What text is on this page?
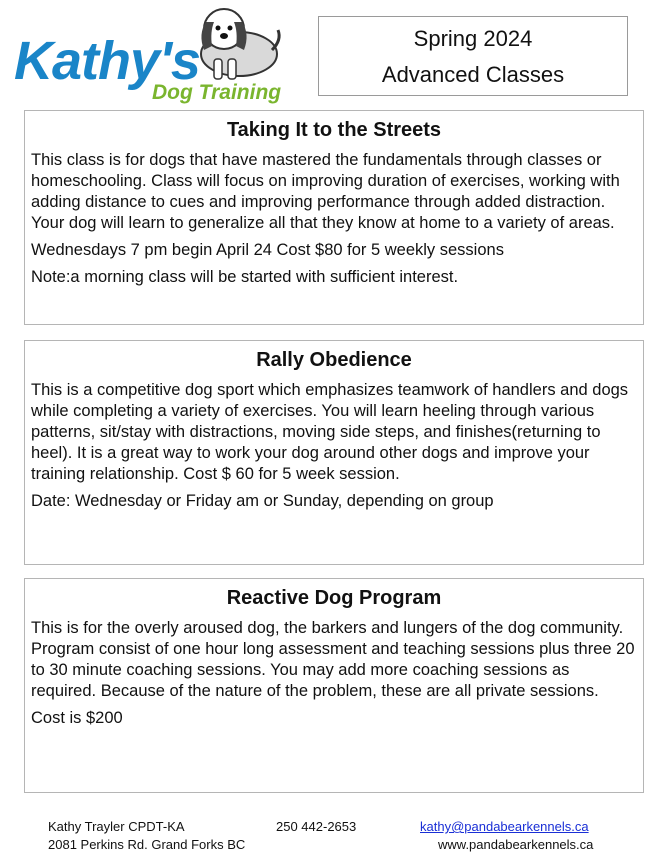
Kathy's
Dog Training
Spring 2024
Advanced Classes
Taking It to the Streets

This class is for dogs that have mastered the fundamentals through classes or homeschooling. Class will focus on improving duration of exercises, working with adding distance to cues and improving performance through added distraction. Your dog will learn to generalize all that they know at home to a variety of areas.

Wednesdays 7 pm begin April 24 Cost $80 for 5 weekly sessions

Note:a morning class will be started with sufficient interest.

Rally Obedience

This is a competitive dog sport which emphasizes teamwork of handlers and dogs while completing a variety of exercises. You will learn heeling through various patterns, sit/stay with distractions, moving side steps, and finishes(returning to heel). It is a great way to work your dog around other dogs and improve your training relationship. Cost $ 60 for 5 week session.

Date: Wednesday or Friday am or Sunday, depending on group

Reactive Dog Program

This is for the overly aroused dog, the barkers and lungers of the dog community. Program consist of one hour long assessment and teaching sessions plus three 20 to 30 minute coaching sessions. You may add more coaching sessions as required. Because of the nature of the problem, these are all private sessions.

Cost is $200

Kathy Trayler CPDT-KA
2081 Perkins Rd. Grand Forks BC
250 442-2653	kathy@pandabearkennels.ca
www.pandabearkennels.ca
